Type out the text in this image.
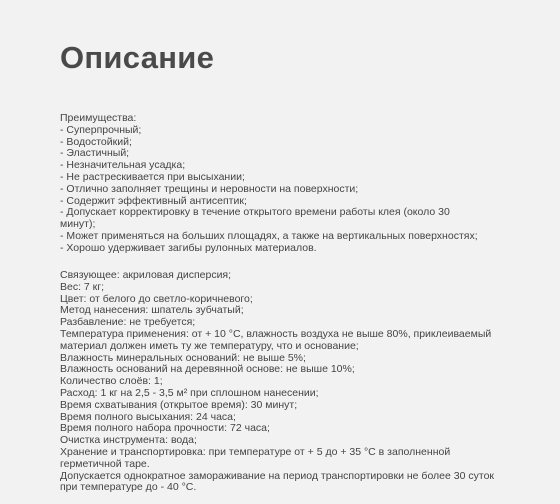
Описание
Преимущества:
- Суперпрочный;
- Водостойкий;
- Эластичный;
- Незначительная усадка;
- Не растрескивается при высыхании;
- Отлично заполняет трещины и неровности на поверхности;
- Содержит эффективный антисептик;
- Допускает корректировку в течение открытого времени работы клея (около 30
минут);
- Может применяться на больших площадях, а также на вертикальных поверхностях;
- Хорошо удерживает загибы рулонных материалов.
Связующее: акриловая дисперсия;
Вес: 7 кг;
Цвет: от белого до светло-коричневого;
Метод нанесения: шпатель зубчатый;
Разбавление: не требуется;
Температура применения: от + 10 °C, влажность воздуха не выше 80%, приклеиваемый
материал должен иметь ту же температуру, что и основание;
Влажность минеральных оснований: не выше 5%;
Влажность оснований на деревянной основе: не выше 10%;
Количество слоёв: 1;
Расход: 1 кг на 2,5 - 3,5 м² при сплошном нанесении;
Время схватывания (открытое время): 30 минут;
Время полного высыхания: 24 часа;
Время полного набора прочности: 72 часа;
Очистка инструмента: вода;
Хранение и транспортировка: при температуре от + 5 до + 35 °C в заполненной
герметичной таре.
Допускается однократное замораживание на период транспортировки не более 30 суток
при температуре до - 40 °C.
